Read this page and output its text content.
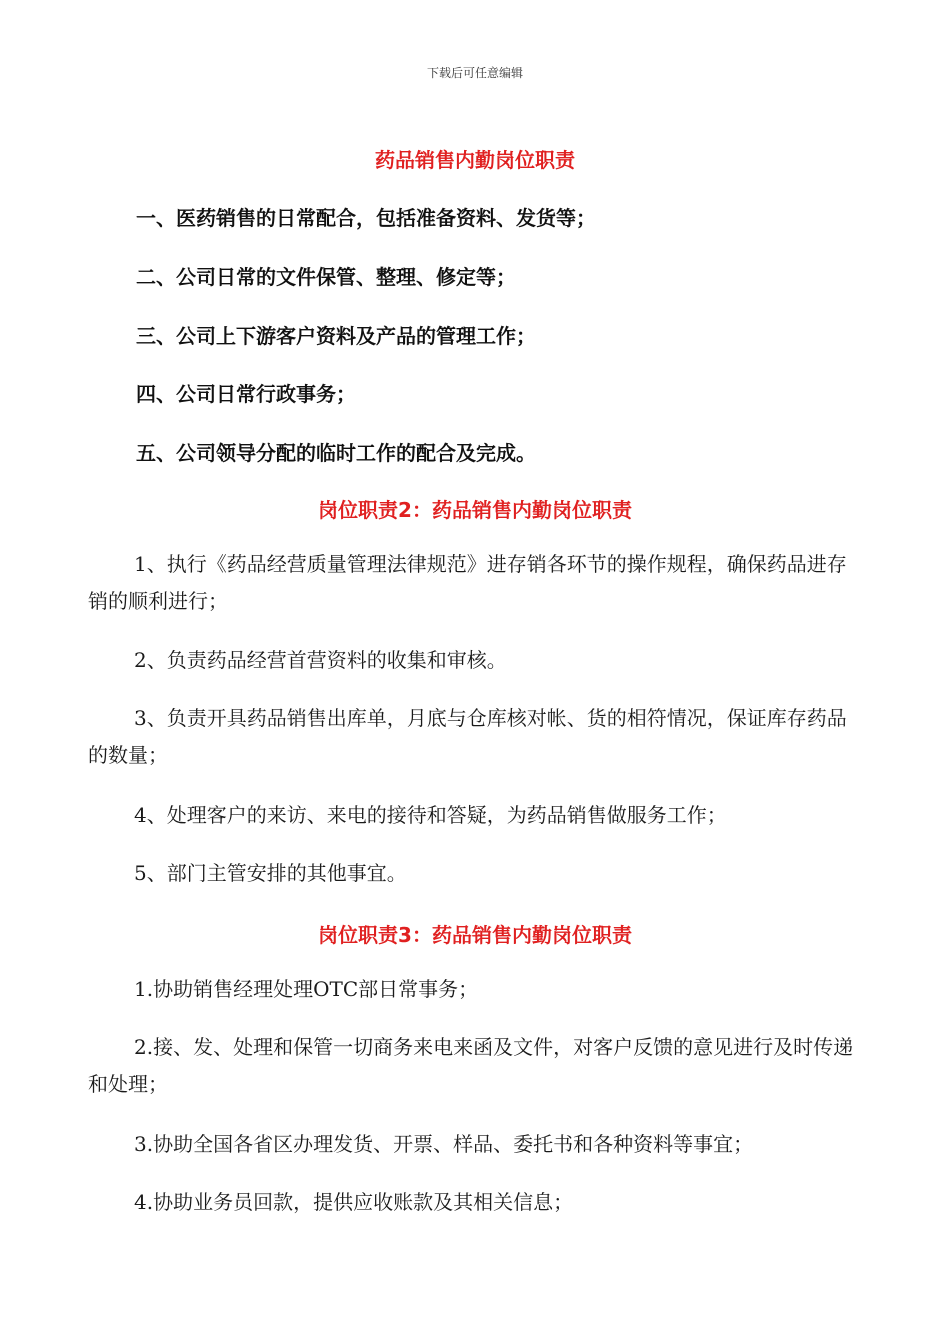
下载后可任意编辑
药品销售内勤岗位职责
一、医药销售的日常配合，包括准备资料、发货等；
二、公司日常的文件保管、整理、修定等；
三、公司上下游客户资料及产品的管理工作；
四、公司日常行政事务；
五、公司领导分配的临时工作的配合及完成。
岗位职责2：药品销售内勤岗位职责
1、执行《药品经营质量管理法律规范》进存销各环节的操作规程，确保药品进存销的顺利进行；
2、负责药品经营首营资料的收集和审核。
3、负责开具药品销售出库单，月底与仓库核对帐、货的相符情况，保证库存药品的数量；
4、处理客户的来访、来电的接待和答疑，为药品销售做服务工作；
5、部门主管安排的其他事宜。
岗位职责3：药品销售内勤岗位职责
1.协助销售经理处理OTC部日常事务；
2.接、发、处理和保管一切商务来电来函及文件，对客户反馈的意见进行及时传递和处理；
3.协助全国各省区办理发货、开票、样品、委托书和各种资料等事宜；
4.协助业务员回款，提供应收账款及其相关信息；
